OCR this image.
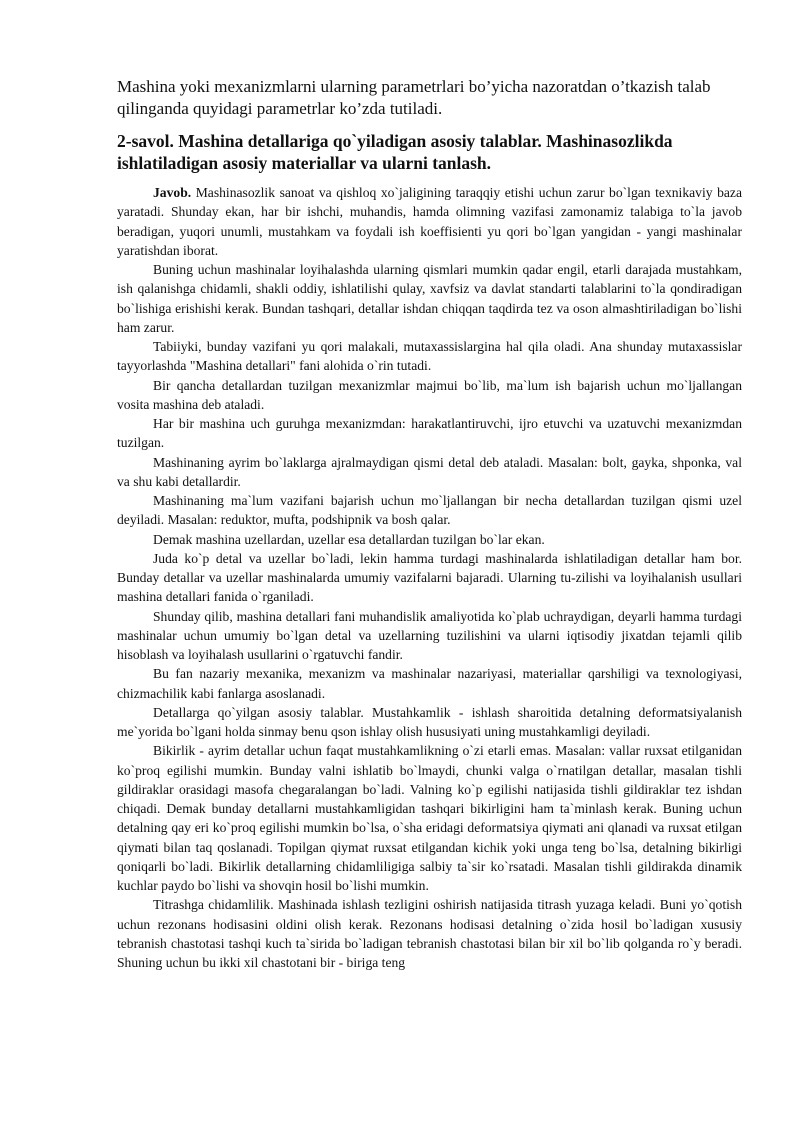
Mashina yoki mexanizmlarni ularning parametrlari bo’yicha nazoratdan o’tkazish talab qilinganda quyidagi parametrlar ko’zda tutiladi.

2-savol. Mashina detallariga qo`yiladigan asosiy talablar. Mashinasozlikda ishlatiladigan asosiy materiallar va ularni tanlash.

Javob. Mashinasozlik sanoat va qishloq xo`jaligining taraqqiy etishi uchun zarur bo`lgan texnikaviy baza yaratadi. Shunday ekan, har bir ishchi, muhandis, hamda olimning vazifasi zamonamiz talabiga to`la javob beradigan, yuqori unumli, mustahkam va foydali ish koeffisienti yu qori bo`lgan yangidan - yangi mashinalar yaratishdan iborat.

Buning uchun mashinalar loyihalashda ularning qismlari mumkin qadar engil, etarli darajada mustahkam, ish qalanishga chidamli, shakli oddiy, ishlatilishi qulay, xavfsiz va davlat standarti talablarini to`la qondiradigan bo`lishiga erishishi kerak. Bundan tashqari, detallar ishdan chiqqan taqdirda tez va oson almashtiriladigan bo`lishi ham zarur.

Tabiiyki, bunday vazifani yu qori malakali, mutaxassislargina hal qila oladi. Ana shunday mutaxassislar tayyorlashda "Mashina detallari" fani alohida o`rin tutadi.

Bir qancha detallardan tuzilgan mexanizmlar majmui bo`lib, ma`lum ish bajarish uchun mo`ljallangan vosita mashina deb ataladi.

Har bir mashina uch guruhga mexanizmdan: harakatlantiruvchi, ijro etuvchi va uzatuvchi mexanizmdan tuzilgan.

Mashinaning ayrim bo`laklarga ajralmaydigan qismi detal deb ataladi. Masalan: bolt, gayka, shponka, val va shu kabi detallardir.

Mashinaning ma`lum vazifani bajarish uchun mo`ljallangan bir necha detallardan tuzilgan qismi uzel deyiladi. Masalan: reduktor, mufta, podshipnik va bosh qalar.

Demak mashina uzellardan, uzellar esa detallardan tuzilgan bo`lar ekan.

Juda ko`p detal va uzellar bo`ladi, lekin hamma turdagi mashinalarda ishlatiladigan detallar ham bor. Bunday detallar va uzellar mashinalarda umumiy vazifalarni bajaradi. Ularning tu-zilishi va loyihalanish usullari mashina detallari fanida o`rganiladi.

Shunday qilib, mashina detallari fani muhandislik amaliyotida ko`plab uchraydigan, deyarli hamma turdagi mashinalar uchun umumiy bo`lgan detal va uzellarning tuzilishini va ularni iqtisodiy jixatdan tejamli qilib hisoblash va loyihalash usullarini o`rgatuvchi fandir.

Bu fan nazariy mexanika, mexanizm va mashinalar nazariyasi, materiallar qarshiligi va texnologiyasi, chizmachilik kabi fanlarga asoslanadi.

Detallarga qo`yilgan asosiy talablar. Mustahkamlik - ishlash sharoitida detalning deformatsiyalanish me`yorida bo`lgani holda sinmay benu qson ishlay olish hususiyati uning mustahkamligi deyiladi.

Bikirlik - ayrim detallar uchun faqat mustahkamlikning o`zi etarli emas. Masalan: vallar ruxsat etilganidan ko`proq egilishi mumkin. Bunday valni ishlatib bo`lmaydi, chunki valga o`rnatilgan detallar, masalan tishli gildiraklar orasidagi masofa chegaralangan bo`ladi. Valning ko`p egilishi natijasida tishli gildiraklar tez ishdan chiqadi. Demak bunday detallarni mustahkamligidan tashqari bikirligini ham ta`minlash kerak. Buning uchun detalning qay eri ko`proq egilishi mumkin bo`lsa, o`sha eridagi deformatsiya qiymati ani qlanadi va ruxsat etilgan qiymati bilan taq qoslanadi. Topilgan qiymat ruxsat etilgandan kichik yoki unga teng bo`lsa, detalning bikirligi qoniqarli bo`ladi. Bikirlik detallarning chidamliligiga salbiy ta`sir ko`rsatadi. Masalan tishli gildirakda dinamik kuchlar paydo bo`lishi va shovqin hosil bo`lishi mumkin.

Titrashga chidamlilik. Mashinada ishlash tezligini oshirish natijasida titrash yuzaga keladi. Buni yo`qotish uchun rezonans hodisasini oldini olish kerak. Rezonans hodisasi detalning o`zida hosil bo`ladigan xususiy tebranish chastotasi tashqi kuch ta`sirida bo`ladigan tebranish chastotasi bilan bir xil bo`lib qolganda ro`y beradi. Shuning uchun bu ikki xil chastotani bir - biriga teng
